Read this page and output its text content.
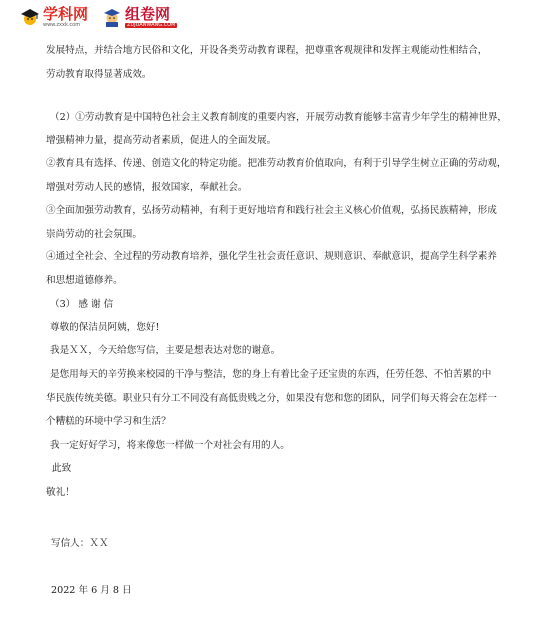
学科网
www.zxxk.com
组卷网
ZUJUANWANG.COM
发展特点，并结合地方民俗和文化，开设各类劳动教育课程，把尊重客观规律和发挥主观能动性相结合，
劳动教育取得显著成效。
（2）①劳动教育是中国特色社会主义教育制度的重要内容，开展劳动教育能够丰富青少年学生的精神世界，
增强精神力量，提高劳动者素质，促进人的全面发展。
②教育具有选择、传递、创造文化的特定功能。把准劳动教育价值取向，有利于引导学生树立正确的劳动观，
增强对劳动人民的感情，报效国家，奉献社会。
③全面加强劳动教育，弘扬劳动精神，有利于更好地培育和践行社会主义核心价值观，弘扬民族精神，形成
崇尚劳动的社会氛围。
④通过全社会、全过程的劳动教育培养，强化学生社会责任意识、规则意识、奉献意识，提高学生科学素养
和思想道德修养。
（3） 感 谢 信
尊敬的保洁员阿姨，您好!
我是ＸＸ，今天给您写信，主要是想表达对您的谢意。
是您用每天的辛劳换来校园的干净与整洁，您的身上有着比金子还宝贵的东西，任劳任怨、不怕苦累的中
华民族传统美德。职业只有分工不同没有高低贵贱之分，如果没有您和您的团队，同学们每天将会在怎样一
个糟糕的环境中学习和生活？
我一定好好学习，将来像您一样做一个对社会有用的人。
此致
敬礼！
写信人：ＸＸ
2022 年 6 月 8 日
